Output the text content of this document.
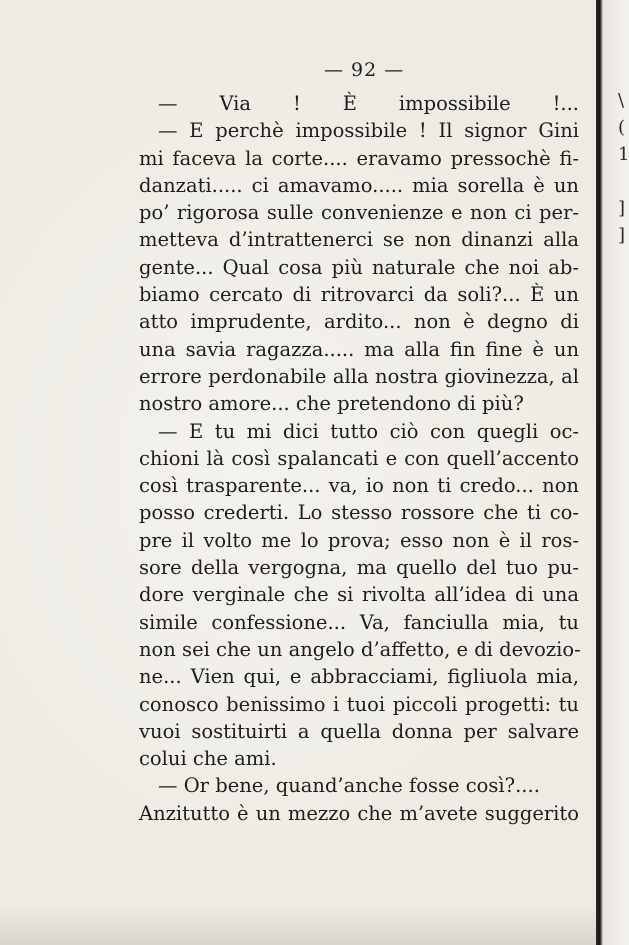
— 92 —
— Via ! È impossibile !...
— E perchè impossibile ! Il signor Gini
mi faceva la corte.... eravamo pressochè fi-
danzati..... ci amavamo..... mia sorella è un
po’ rigorosa sulle convenienze e non ci per-
metteva d’intrattenerci se non dinanzi alla
gente... Qual cosa più naturale che noi ab-
biamo cercato di ritrovarci da soli?... È un
atto imprudente, ardito... non è degno di
una savia ragazza..... ma alla fin fine è un
errore perdonabile alla nostra giovinezza, al
nostro amore... che pretendono di più?
— E tu mi dici tutto ciò con quegli oc-
chioni là così spalancati e con quell’accento
così trasparente... va, io non ti credo... non
posso crederti. Lo stesso rossore che ti co-
pre il volto me lo prova; esso non è il ros-
sore della vergogna, ma quello del tuo pu-
dore verginale che si rivolta all’idea di una
simile confessione... Va, fanciulla mia, tu
non sei che un angelo d’affetto, e di devozio-
ne... Vien qui, e abbracciami, figliuola mia,
conosco benissimo i tuoi piccoli progetti: tu
vuoi sostituirti a quella donna per salvare
colui che ami.
— Or bene, quand’anche fosse così?....
Anzitutto è un mezzo che m’avete suggerito
\
(
1
]
]
